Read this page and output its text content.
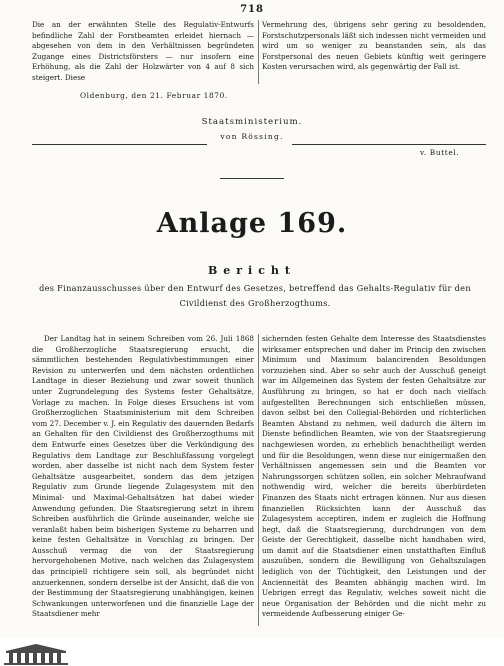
718

Die an der erwähnten Stelle des Regulativ-Entwurfs befindliche Zahl der Forstbeamten erleidet hiernach — abgesehen von dem in den Verhältnissen begründeten Zugange eines Districtsförsters — nur insofern eine Erhöhung, als die Zahl der Holzwärter von 4 auf 8 sich steigert. Diese

Vermehrung des, übrigens sehr gering zu besoldenden, Forstschutzpersonals läßt sich indessen nicht vermeiden und wird um so weniger zu beanstanden sein, als das Forstpersonal des neuen Gebiets künftig weit geringere Kosten verursachen wird, als gegenwärtig der Fall ist.

Oldenburg, den 21. Februar 1870.
Staatsministerium.
von Rössing.
v. Buttel.
Anlage 169.
Bericht
des Finanzausschusses über den Entwurf des Gesetzes, betreffend das Gehalts-Regulativ für den Civildienst des Großherzogthums.

Der Landtag hat in seinem Schreiben vom 26. Juli 1868 die Großherzogliche Staatsregierung ersucht, die sämmtlichen bestehenden Regulativbestimmungen einer Revision zu unterwerfen und dem nächsten ordentlichen Landtage in dieser Beziehung und zwar soweit thunlich unter Zugrundelegung des Systems fester Gehaltsätze, Vorlage zu machen. In Folge dieses Ersuchens ist vom Großherzoglichen Staatsministerium mit dem Schreiben vom 27. December v. J. ein Regulativ des dauernden Bedarfs an Gehalten für den Civildienst des Großherzogthums mit dem Entwurfe eines Gesetzes über die Verkündigung des Regulativs dem Landtage zur Beschlußfassung vorgelegt worden, aber dasselbe ist nicht nach dem System fester Gehaltsätze ausgearbeitet, sondern das dem jetzigen Regulativ zum Grunde liegende Zulagesystem mit den Minimal- und Maximal-Gehaltsätzen hat dabei wieder Anwendung gefunden. Die Staatsregierung setzt in ihrem Schreiben ausführlich die Gründe auseinander, welche sie veranlaßt haben beim bisherigen Systeme zu beharren und keine festen Gehaltsätze in Vorschlag zu bringen. Der Ausschuß vermag die von der Staatsregierung hervorgehobenen Motive, nach welchen das Zulagesystem das principiell richtigere sein soll, als begründet nicht anzuerkennen, sondern derselbe ist der Ansicht, daß die von der Bestimmung der Staatsregierung unabhängigen, keinen Schwankungen unterworfenen und die finanzielle Lage der Staatsdiener mehr

sichernden festen Gehalte dem Interesse des Staatsdienstes wirksamer entsprechen und daher im Princip den zwischen Minimum und Maximum balancirenden Besoldungen vorzuziehen sind. Aber so sehr auch der Ausschuß geneigt war im Allgemeinen das System der festen Gehaltsätze zur Ausführung zu bringen, so hat er doch nach vielfach aufgestellten Berechnungen sich entschließen müssen, davon selbst bei den Collegial-Behörden und richterlichen Beamten Abstand zu nehmen, weil dadurch die ältern im Dienste befindlichen Beamten, wie von der Staatsregierung nachgewiesen worden, zu erheblich benachtheiligt werden und für die Besoldungen, wenn diese nur einigermaßen den Verhältnissen angemessen sein und die Beamten vor Nahrungssorgen schützen sollen, ein solcher Mehraufwand nothwendig wird, welcher die bereits überbürdeten Finanzen des Staats nicht ertragen können. Nur aus diesen finanziellen Rücksichten kann der Ausschuß das Zulagesystem acceptiren, indem er zugleich die Hoffnung hegt, daß die Staatsregierung, durchdrungen von dem Geiste der Gerechtigkeit, dasselbe nicht handhaben wird, um damit auf die Staatsdiener einen unstatthaften Einfluß auszuüben, sondern die Bewilligung von Gehaltszulagen lediglich von der Tüchtigkeit, den Leistungen und der Ancienneität des Beamten abhängig machen wird. Im Uebrigen erregt das Regulativ, welches soweit nicht die neue Organisation der Behörden und die nicht mehr zu vermeidende Aufbesserung einiger Ge-
